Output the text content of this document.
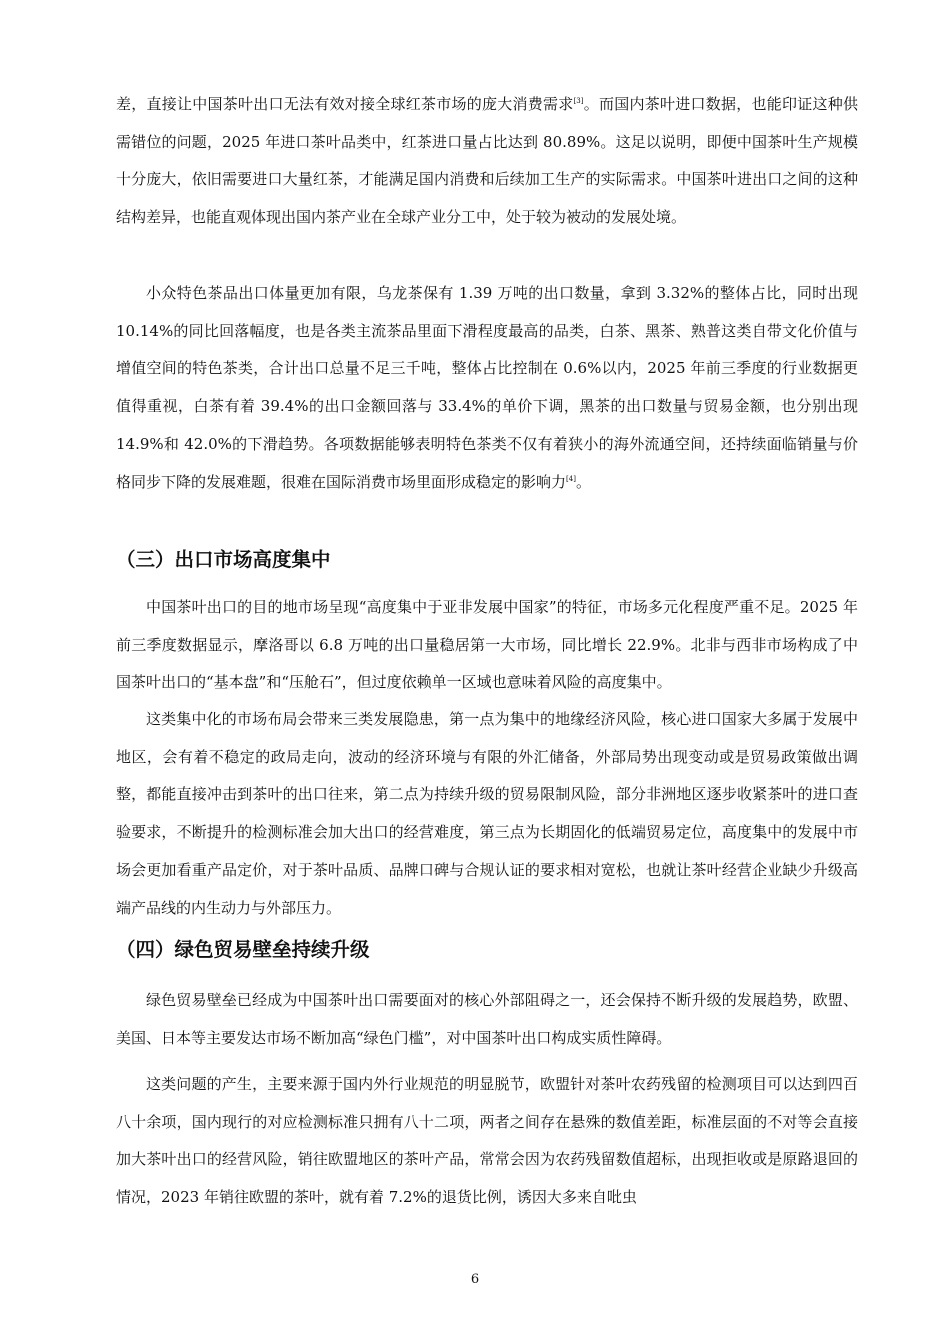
差，直接让中国茶叶出口无法有效对接全球红茶市场的庞大消费需求[3]。而国内茶叶进口数据，也能印证这种供需错位的问题，2025 年进口茶叶品类中，红茶进口量占比达到 80.89%。这足以说明，即便中国茶叶生产规模十分庞大，依旧需要进口大量红茶，才能满足国内消费和后续加工生产的实际需求。中国茶叶进出口之间的这种结构差异，也能直观体现出国内茶产业在全球产业分工中，处于较为被动的发展处境。

小众特色茶品出口体量更加有限，乌龙茶保有 1.39 万吨的出口数量，拿到 3.32%的整体占比，同时出现 10.14%的同比回落幅度，也是各类主流茶品里面下滑程度最高的品类，白茶、黑茶、熟普这类自带文化价值与增值空间的特色茶类，合计出口总量不足三千吨，整体占比控制在 0.6%以内，2025 年前三季度的行业数据更值得重视，白茶有着 39.4%的出口金额回落与 33.4%的单价下调，黑茶的出口数量与贸易金额，也分别出现 14.9%和 42.0%的下滑趋势。各项数据能够表明特色茶类不仅有着狭小的海外流通空间，还持续面临销量与价格同步下降的发展难题，很难在国际消费市场里面形成稳定的影响力[4]。

（三）出口市场高度集中

中国茶叶出口的目的地市场呈现“高度集中于亚非发展中国家”的特征，市场多元化程度严重不足。2025 年前三季度数据显示，摩洛哥以 6.8 万吨的出口量稳居第一大市场，同比增长 22.9%。北非与西非市场构成了中国茶叶出口的“基本盘”和“压舱石”，但过度依赖单一区域也意味着风险的高度集中。

这类集中化的市场布局会带来三类发展隐患，第一点为集中的地缘经济风险，核心进口国家大多属于发展中地区，会有着不稳定的政局走向，波动的经济环境与有限的外汇储备，外部局势出现变动或是贸易政策做出调整，都能直接冲击到茶叶的出口往来，第二点为持续升级的贸易限制风险，部分非洲地区逐步收紧茶叶的进口查验要求，不断提升的检测标准会加大出口的经营难度，第三点为长期固化的低端贸易定位，高度集中的发展中市场会更加看重产品定价，对于茶叶品质、品牌口碑与合规认证的要求相对宽松，也就让茶叶经营企业缺少升级高端产品线的内生动力与外部压力。

（四）绿色贸易壁垒持续升级

绿色贸易壁垒已经成为中国茶叶出口需要面对的核心外部阻碍之一，还会保持不断升级的发展趋势，欧盟、美国、日本等主要发达市场不断加高“绿色门槛”，对中国茶叶出口构成实质性障碍。

这类问题的产生，主要来源于国内外行业规范的明显脱节，欧盟针对茶叶农药残留的检测项目可以达到四百八十余项，国内现行的对应检测标准只拥有八十二项，两者之间存在悬殊的数值差距，标准层面的不对等会直接加大茶叶出口的经营风险，销往欧盟地区的茶叶产品，常常会因为农药残留数值超标，出现拒收或是原路退回的情况，2023 年销往欧盟的茶叶，就有着 7.2%的退货比例，诱因大多来自吡虫

6
